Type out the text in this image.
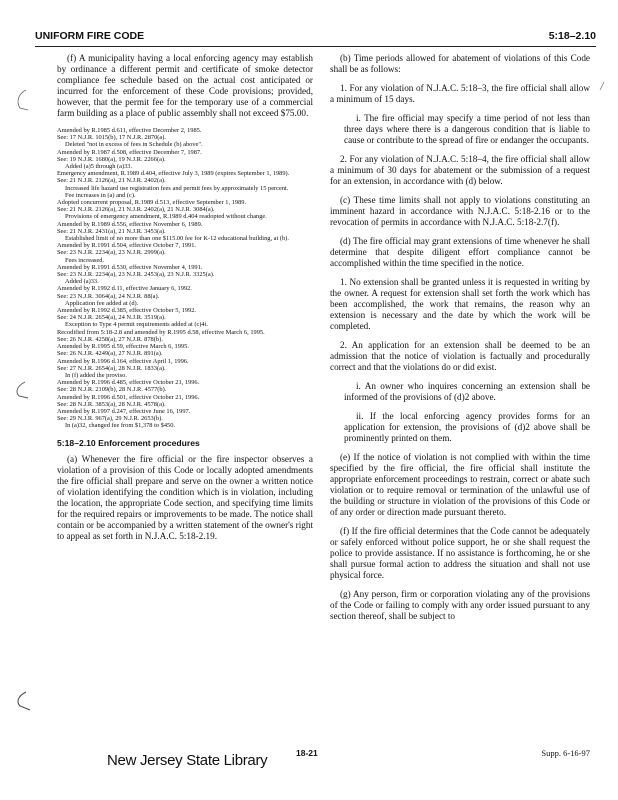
UNIFORM FIRE CODE	5:18–2.10

(f) A municipality having a local enforcing agency may establish by ordinance a different permit and certificate of smoke detector compliance fee schedule based on the actual cost anticipated or incurred for the enforcement of these Code provisions; provided, however, that the permit fee for the temporary use of a commercial farm building as a place of public assembly shall not exceed $75.00.

Amended by R.1985 d.611, effective December 2, 1985.

See: 17 N.J.R. 1015(b), 17 N.J.R. 2870(a).

Deleted "not in excess of fees in Schedule (b) above".

Amended by R.1987 d.508, effective December 7, 1987.

See: 19 N.J.R. 1680(a), 19 N.J.R. 2266(a).

Added (a)5 through (a)33.

Emergency amendment, R.1989 d.404, effective July 3, 1989 (expires September 1, 1989).

See: 21 N.J.R. 2126(a), 21 N.J.R. 2402(a).

Increased life hazard use registration fees and permit fees by approximately 15 percent.

Fee increases in (a) and (c).

Adopted concurrent proposal, R.1989 d.513, effective September 1, 1989.

See: 21 N.J.R. 2126(a), 21 N.J.R. 2402(a), 21 N.J.R. 3084(a).

Provisions of emergency amendment, R.1989 d.404 readopted without change.

Amended by R.1989 d.556, effective November 6, 1989.

See: 21 N.J.R. 2431(a), 21 N.J.R. 3453(a).

Established limit of no more than one $115.00 fee for K-12 educational building, at (b).

Amended by R.1991 d.504, effective October 7, 1991.

See: 23 N.J.R. 2234(a), 23 N.J.R. 2999(a).

Fees increased.

Amended by R.1991 d.530, effective November 4, 1991.

See: 23 N.J.R. 2234(a), 23 N.J.R. 2453(a), 23 N.J.R. 3325(a).

Added (a)33.

Amended by R.1992 d.11, effective January 6, 1992.

See: 23 N.J.R. 3064(a), 24 N.J.R. 88(a).

Application fee added at (d).

Amended by R.1992 d.385, effective October 5, 1992.

See: 24 N.J.R. 2654(a), 24 N.J.R. 3519(a).

Exception to Type 4 permit requirements added at (c)4i.

Recodified from 5:18-2.8 and amended by R.1995 d.58, effective March 6, 1995.

See: 26 N.J.R. 4258(a), 27 N.J.R. 878(b).

Amended by R.1995 d.59, effective March 6, 1995.

See: 26 N.J.R. 4249(a), 27 N.J.R. 891(a).

Amended by R.1996 d.164, effective April 1, 1996.

See: 27 N.J.R. 2654(a), 28 N.J.R. 1833(a).

In (f) added the proviso.

Amended by R.1996 d.485, effective October 21, 1996.

See: 28 N.J.R. 2109(b), 28 N.J.R. 4577(b).

Amended by R.1996 d.501, effective October 21, 1996.

See: 28 N.J.R. 3853(a), 28 N.J.R. 4578(a).

Amended by R.1997 d.247, effective June 16, 1997.

See: 29 N.J.R. 967(a), 29 N.J.R. 2653(b).

In (a)32, changed fee from $1,378 to $450.

5:18–2.10 Enforcement procedures

(a) Whenever the fire official or the fire inspector observes a violation of a provision of this Code or locally adopted amendments the fire official shall prepare and serve on the owner a written notice of violation identifying the condition which is in violation, including the location, the appropriate Code section, and specifying time limits for the required repairs or improvements to be made. The notice shall contain or be accompanied by a written statement of the owner's right to appeal as set forth in N.J.A.C. 5:18-2.19.

(b) Time periods allowed for abatement of violations of this Code shall be as follows:

1. For any violation of N.J.A.C. 5:18–3, the fire official shall allow a minimum of 15 days.

i. The fire official may specify a time period of not less than three days where there is a dangerous condition that is liable to cause or contribute to the spread of fire or endanger the occupants.

2. For any violation of N.J.A.C. 5:18–4, the fire official shall allow a minimum of 30 days for abatement or the submission of a request for an extension, in accordance with (d) below.

(c) These time limits shall not apply to violations constituting an imminent hazard in accordance with N.J.A.C. 5:18-2.16 or to the revocation of permits in accordance with N.J.A.C. 5:18-2.7(f).

(d) The fire official may grant extensions of time whenever he shall determine that despite diligent effort compliance cannot be accomplished within the time specified in the notice.

1. No extension shall be granted unless it is requested in writing by the owner. A request for extension shall set forth the work which has been accomplished, the work that remains, the reason why an extension is necessary and the date by which the work will be completed.

2. An application for an extension shall be deemed to be an admission that the notice of violation is factually and procedurally correct and that the violations do or did exist.

i. An owner who inquires concerning an extension shall be informed of the provisions of (d)2 above.

ii. If the local enforcing agency provides forms for an application for extension, the provisions of (d)2 above shall be prominently printed on them.

(e) If the notice of violation is not complied with within the time specified by the fire official, the fire official shall institute the appropriate enforcement proceedings to restrain, correct or abate such violation or to require removal or termination of the unlawful use of the building or structure in violation of the provisions of this Code or of any order or direction made pursuant thereto.

(f) If the fire official determines that the Code cannot be adequately or safely enforced without police support, he or she shall request the police to provide assistance. If no assistance is forthcoming, he or she shall pursue formal action to address the situation and shall not use physical force.

(g) Any person, firm or corporation violating any of the provisions of the Code or failing to comply with any order issued pursuant to any section thereof, shall be subject to

18-21	Supp. 6-16-97
New Jersey State Library
